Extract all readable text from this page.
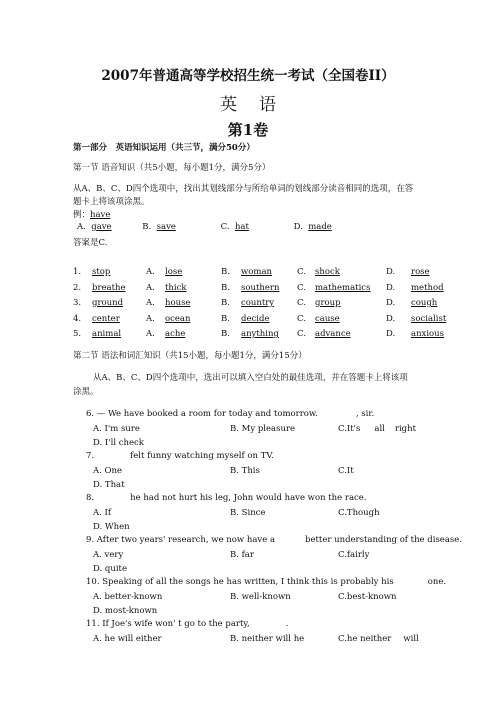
2007年普通高等学校招生统一考试（全国卷II）
英语
第1卷
第一部分　英语知识运用（共三节，满分50分）
第一节 语音知识（共5小题，每小题1分，满分5分）
从A、B、C、D四个选项中，找出其划线部分与所给单词的划线部分读音相同的选项，在答
题卡上将该项涂黑。
例：have
A. gave	B. save	C. hat	D. made
答案是C.
1. stop	A. lose	B. woman	C. shock	D. rose
2. breathe A. thick	B. southern C. mathematics D. method
3. ground	A. house	B. country	C. group	D. cough
4. center	A. ocean	B. decide	C. cause	D. socialist
5. animal	A. ache	B. anything C. advance	D. anxious
第二节 语法和词汇知识（共15小题，每小题1分，满分15分）
从A、B、C、D四个选项中，选出可以填入空白处的最佳选项，并在答题卡上将该项
涂黑。
6. — We have booked a room for today and tomorrow.	, sir.
A. I'm sure	B. My pleasure	C.It's all right
D. I'll check
7.	felt funny watching myself on TV.
A. One	B. This	C.It
D. That
8.	he had not hurt his leg, John would have won the race.
A. If	B. Since	C.Though
D. When
9. After two years' research, we now have a	better understanding of the disease.
A. very	B. far	C.fairly
D. quite
10. Speaking of all the songs he has written, I think this is probably his	one.
A. better-known	B. well-known	C.best-known
D. most-known
11. If Joe's wife won' t go to the party,	.
A. he will either	B. neither will he	C.he neither will
